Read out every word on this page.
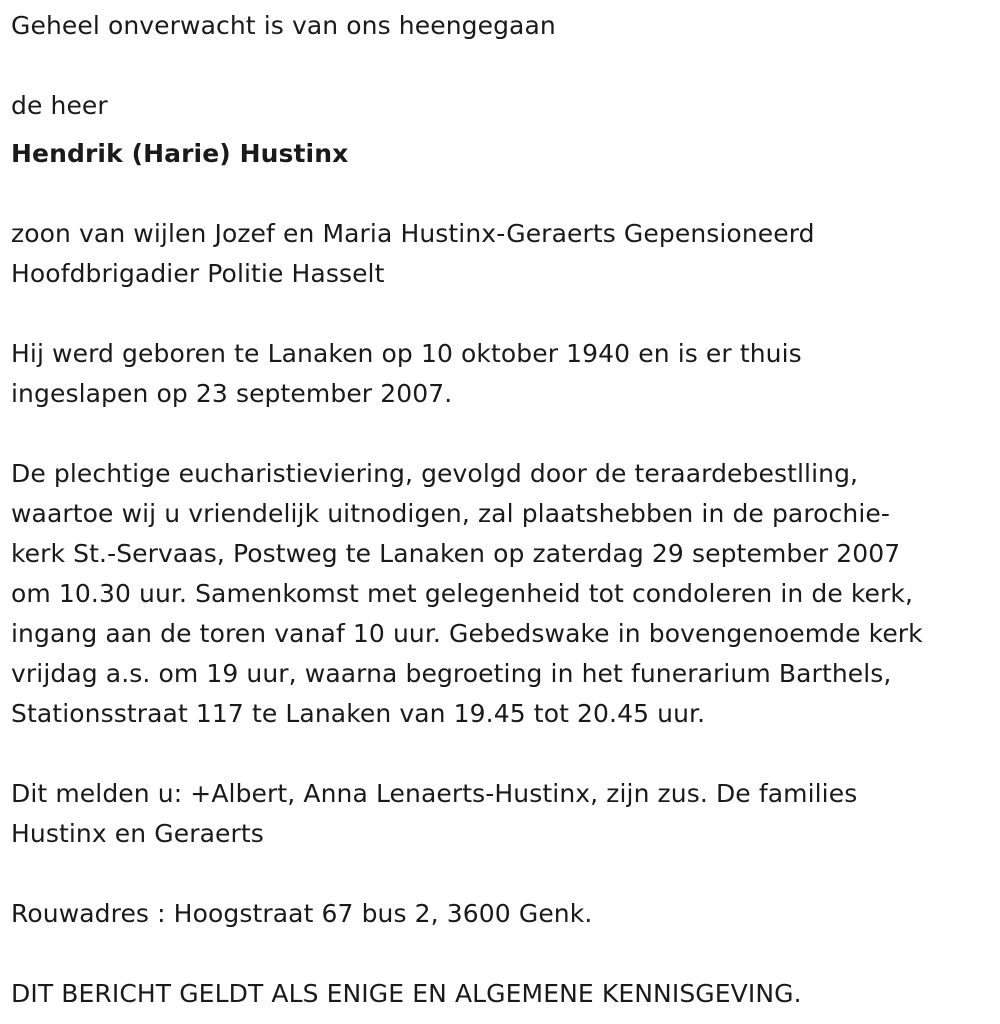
Geheel onverwacht is van ons heengegaan
de heer
Hendrik (Harie) Hustinx
zoon van wijlen Jozef en Maria Hustinx-Geraerts Gepensioneerd
Hoofdbrigadier Politie Hasselt
Hij werd geboren te Lanaken op 10 oktober 1940 en is er thuis
ingeslapen op 23 september 2007.
De plechtige eucharistieviering, gevolgd door de teraardebestlling,
waartoe wij u vriendelijk uitnodigen, zal plaatshebben in de parochie-
kerk St.-Servaas, Postweg te Lanaken op zaterdag 29 september 2007
om 10.30 uur. Samenkomst met gelegenheid tot condoleren in de kerk,
ingang aan de toren vanaf 10 uur. Gebedswake in bovengenoemde kerk
vrijdag a.s. om 19 uur, waarna begroeting in het funerarium Barthels,
Stationsstraat 117 te Lanaken van 19.45 tot 20.45 uur.
Dit melden u: +Albert, Anna Lenaerts-Hustinx, zijn zus. De families
Hustinx en Geraerts
Rouwadres : Hoogstraat 67 bus 2, 3600 Genk.
DIT BERICHT GELDT ALS ENIGE EN ALGEMENE KENNISGEVING.
